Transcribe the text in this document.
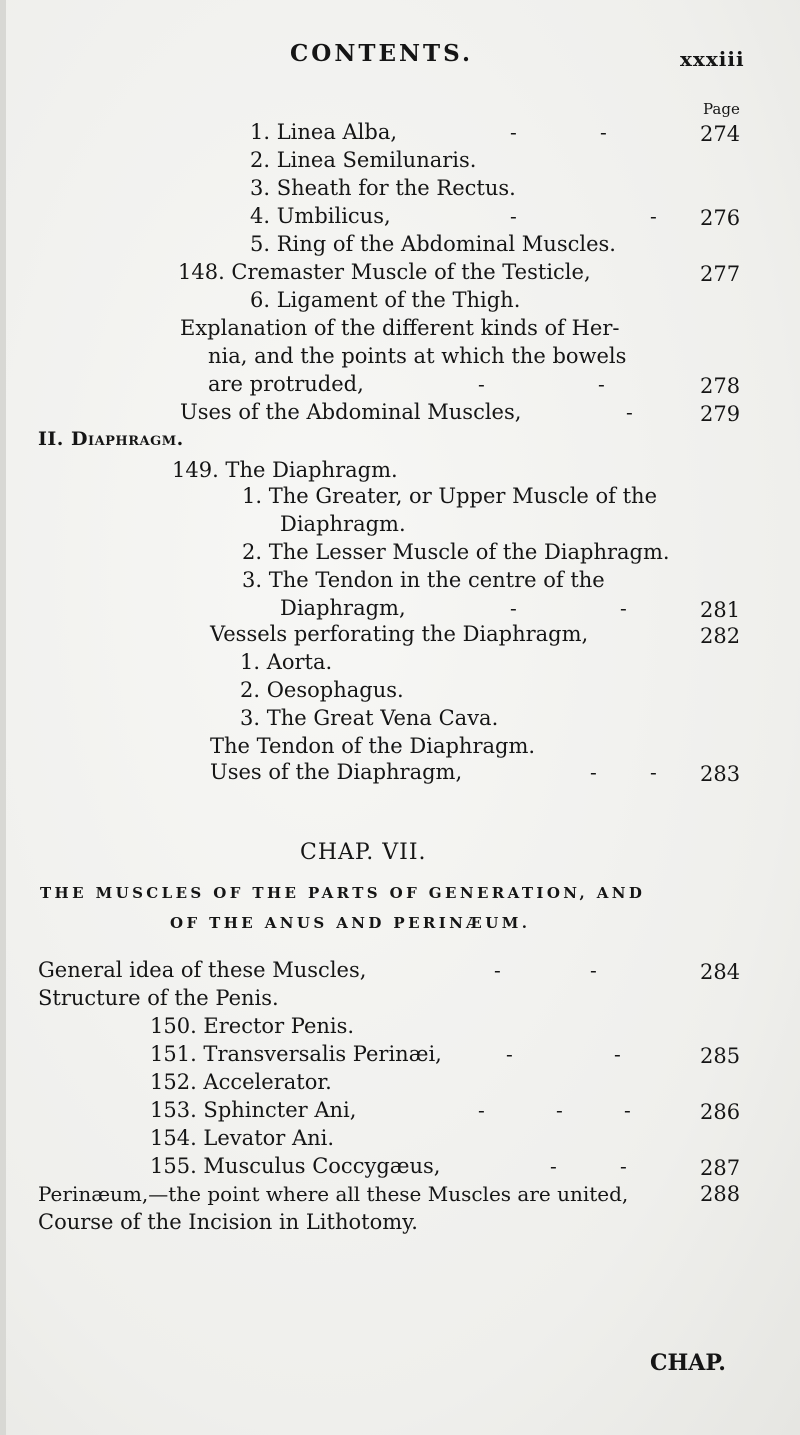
CONTENTS.	xxxiii
Page
1. Linea Alba,	274
2. Linea Semilunaris.
3. Sheath for the Rectus.
4. Umbilicus,	276
5. Ring of the Abdominal Muscles.
148. Cremaster Muscle of the Testicle,	277
6. Ligament of the Thigh.
Explanation of the different kinds of Her-
nia, and the points at which the bowels
are protruded,	278
Uses of the Abdominal Muscles,	279
-	-
-	-
-	-
-
II. Diaphragm.
149. The Diaphragm.
1. The Greater, or Upper Muscle of the
Diaphragm.
2. The Lesser Muscle of the Diaphragm.
3. The Tendon in the centre of the
Diaphragm,	281
Vessels perforating the Diaphragm,	282
1. Aorta.
2. Oesophagus.
3. The Great Vena Cava.
The Tendon of the Diaphragm.
Uses of the Diaphragm,	283
-	-
-	-
CHAP. VII.
THE MUSCLES OF THE PARTS OF GENERATION, AND
OF THE ANUS AND PERINÆUM.
General idea of these Muscles,	284
Structure of the Penis.
150. Erector Penis.
151. Transversalis Perinæi,	285
152. Accelerator.
153. Sphincter Ani,	286
154. Levator Ani.
155. Musculus Coccygæus,	287
Perinæum,—the point where all these Muscles are united,	288
Course of the Incision in Lithotomy.
-	-
-	-
-	-	-
-	-
CHAP.
